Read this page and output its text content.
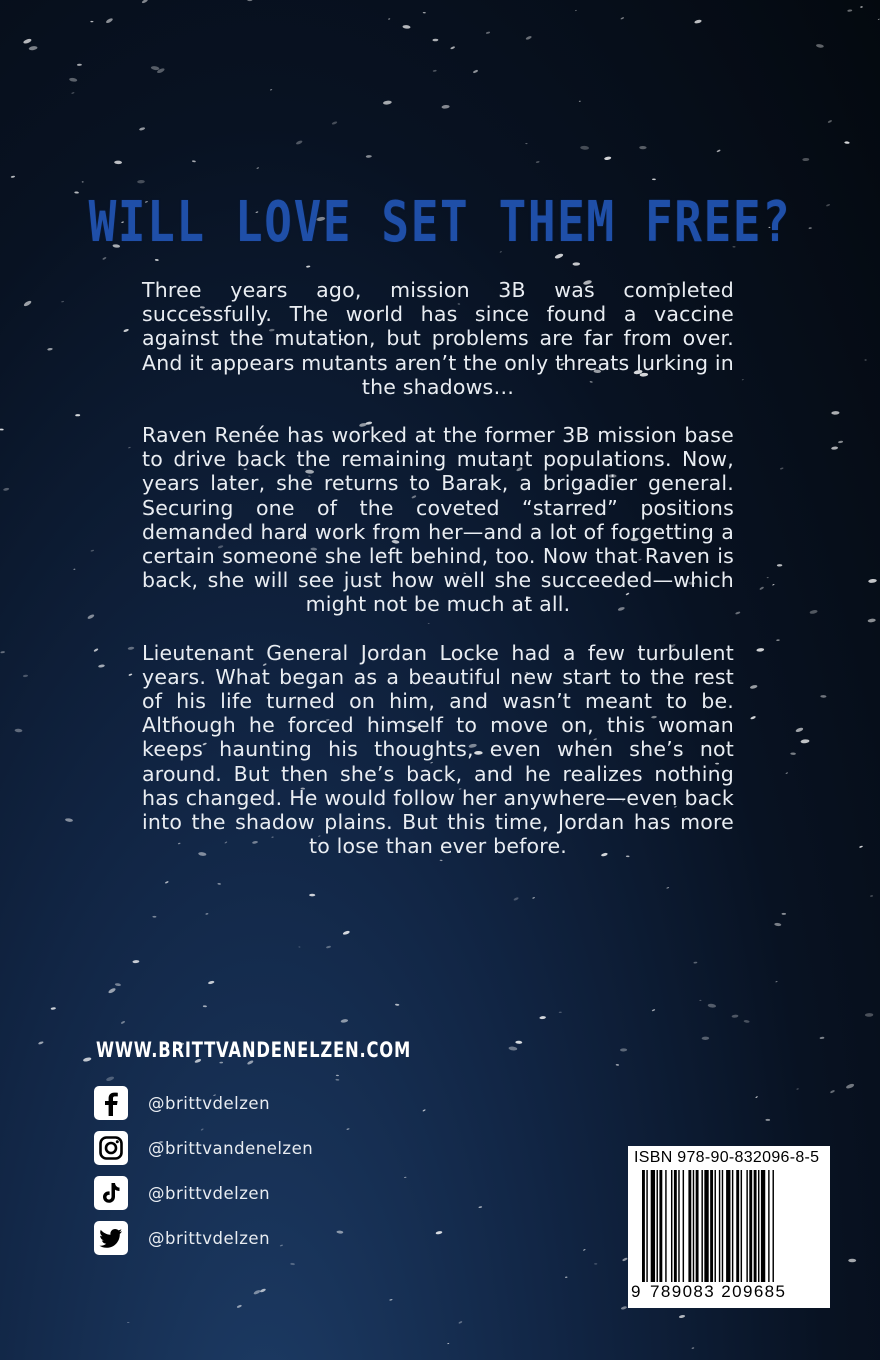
WILL LOVE SET THEM FREE?

Three years ago, mission 3B was completed successfully. The world has since found a vaccine against the mutation, but problems are far from over. And it appears mutants aren’t the only threats lurking in the shadows…

Raven Renée has worked at the former 3B mission base to drive back the remaining mutant populations. Now, years later, she returns to Barak, a brigadier general. Securing one of the coveted “starred” positions demanded hard work from her—and a lot of forgetting a certain someone she left behind, too. Now that Raven is back, she will see just how well she succeeded—which might not be much at all.

Lieutenant General Jordan Locke had a few turbulent years. What began as a beautiful new start to the rest of his life turned on him, and wasn’t meant to be. Although he forced himself to move on, this woman keeps haunting his thoughts, even when she’s not around. But then she’s back, and he realizes nothing has changed. He would follow her anywhere—even back into the shadow plains. But this time, Jordan has more to lose than ever before.

WWW.BRITTVANDENELZEN.COM
@brittvdelzen
@brittvandenelzen
@brittvdelzen
@brittvdelzen
ISBN 978-90-832096-8-5
9 789083 209685
